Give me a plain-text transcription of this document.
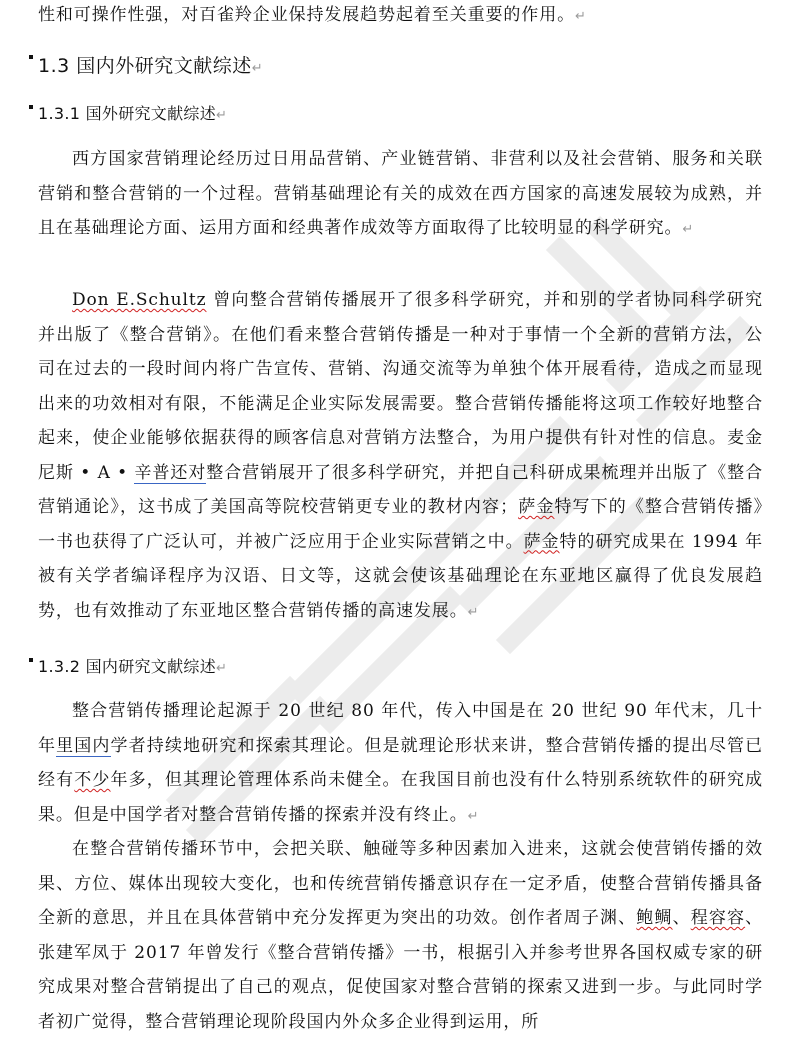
性和可操作性强，对百雀羚企业保持发展趋势起着至关重要的作用。↵

1.3 国内外研究文献综述↵
1.3.1 国外研究文献综述↵

西方国家营销理论经历过日用品营销、产业链营销、非营利以及社会营销、服务和关联营销和整合营销的一个过程。营销基础理论有关的成效在西方国家的高速发展较为成熟，并且在基础理论方面、运用方面和经典著作成效等方面取得了比较明显的科学研究。↵

Don E.Schultz 曾向整合营销传播展开了很多科学研究，并和别的学者协同科学研究并出版了《整合营销》。在他们看来整合营销传播是一种对于事情一个全新的营销方法，公司在过去的一段时间内将广告宣传、营销、沟通交流等为单独个体开展看待，造成之而显现出来的功效相对有限，不能满足企业实际发展需要。整合营销传播能将这项工作较好地整合起来，使企业能够依据获得的顾客信息对营销方法整合，为用户提供有针对性的信息。麦金尼斯 • A • 辛普还对整合营销展开了很多科学研究，并把自己科研成果梳理并出版了《整合营销通论》，这书成了美国高等院校营销更专业的教材内容；萨金特写下的《整合营销传播》一书也获得了广泛认可，并被广泛应用于企业实际营销之中。萨金特的研究成果在 1994 年被有关学者编译程序为汉语、日文等，这就会使该基础理论在东亚地区赢得了优良发展趋势，也有效推动了东亚地区整合营销传播的高速发展。↵

1.3.2 国内研究文献综述↵

整合营销传播理论起源于 20 世纪 80 年代，传入中国是在 20 世纪 90 年代末，几十年里国内学者持续地研究和探索其理论。但是就理论形状来讲，整合营销传播的提出尽管已经有不少年多，但其理论管理体系尚未健全。在我国目前也没有什么特别系统软件的研究成果。但是中国学者对整合营销传播的探索并没有终止。↵

在整合营销传播环节中，会把关联、触碰等多种因素加入进来，这就会使营销传播的效果、方位、媒体出现较大变化，也和传统营销传播意识存在一定矛盾，使整合营销传播具备全新的意思，并且在具体营销中充分发挥更为突出的功效。创作者周子渊、鲍鲷、程容容、张建军凤于 2017 年曾发行《整合营销传播》一书，根据引入并参考世界各国权威专家的研究成果对整合营销提出了自己的观点，促使国家对整合营销的探索又进到一步。与此同时学者初广觉得，整合营销理论现阶段国内外众多企业得到运用，所
